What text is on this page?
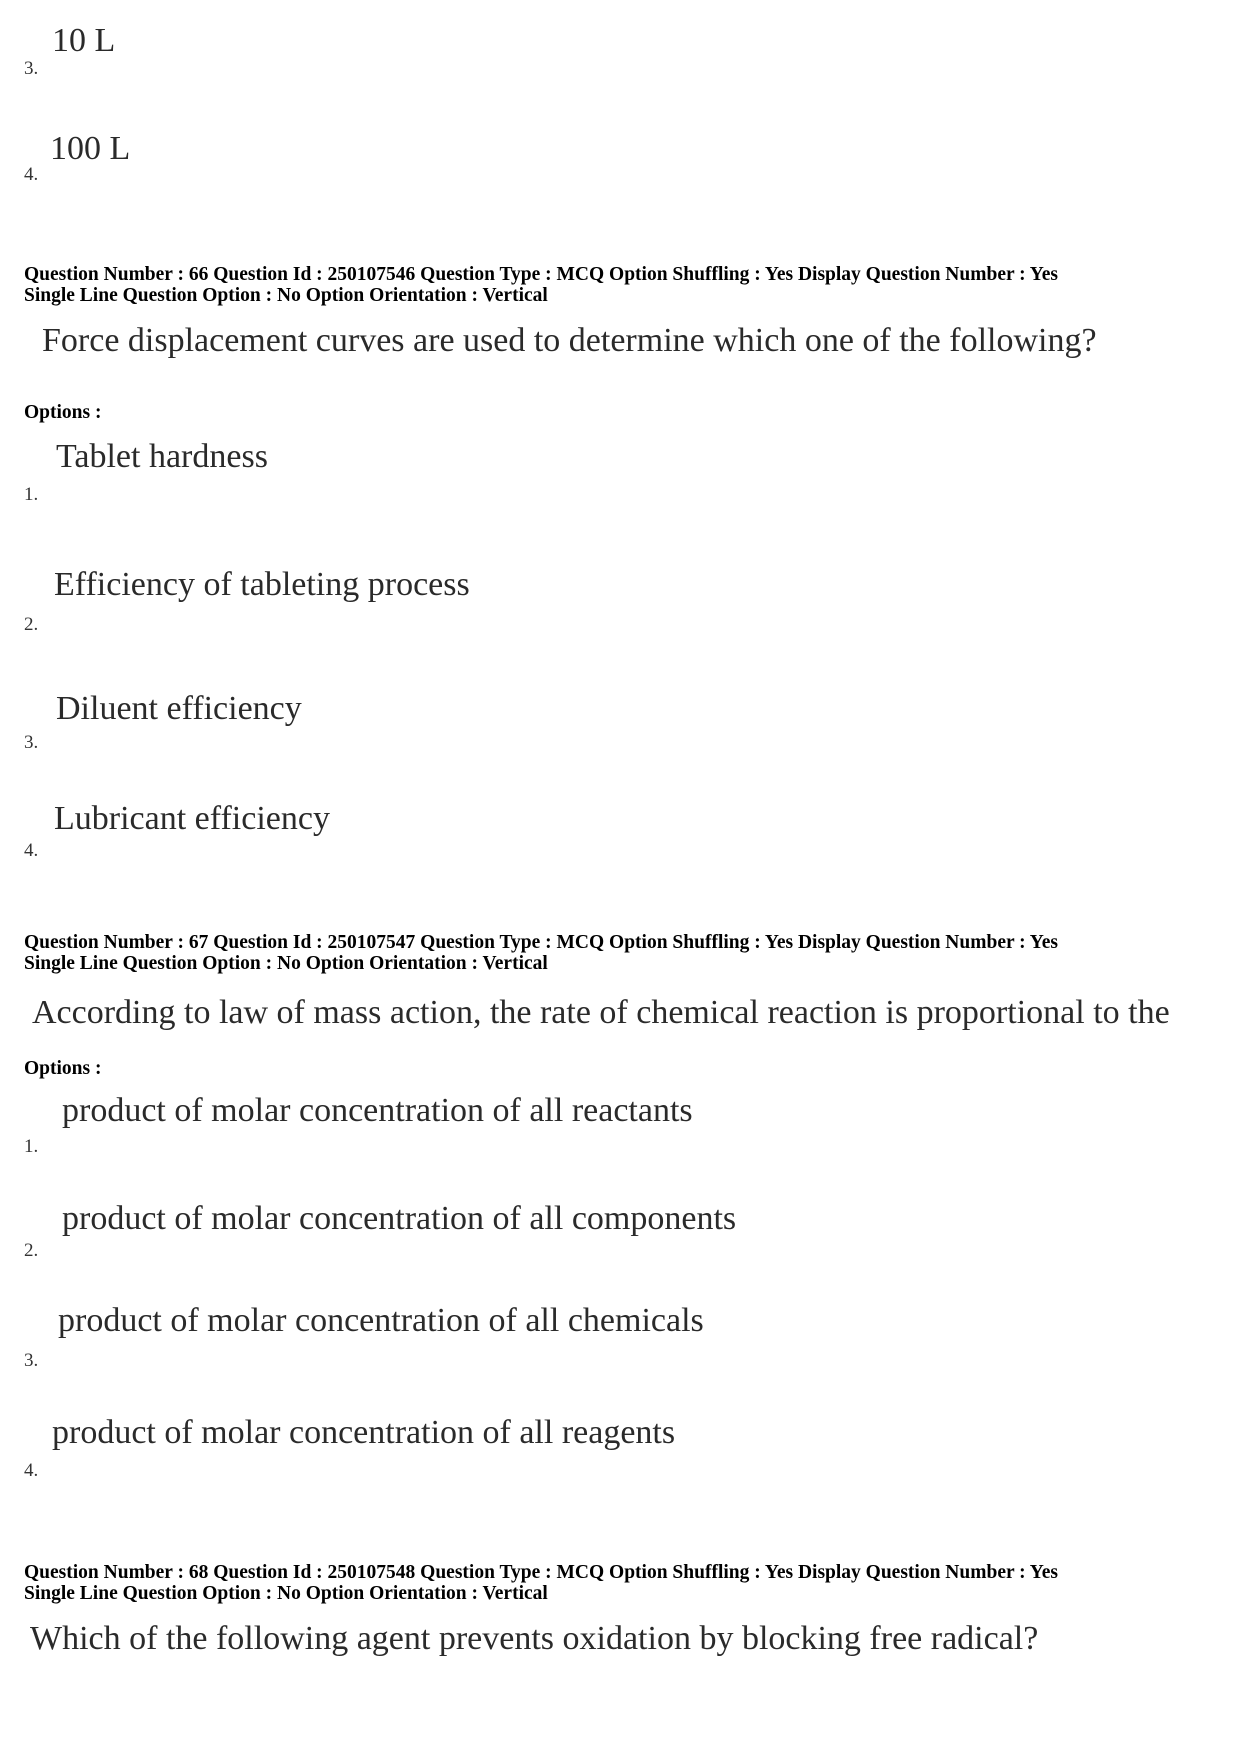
10 L
3.
100 L
4.
Question Number : 66 Question Id : 250107546 Question Type : MCQ Option Shuffling : Yes Display Question Number : Yes
Single Line Question Option : No Option Orientation : Vertical
Force displacement curves are used to determine which one of the following?
Options :
Tablet hardness
1.
Efficiency of tableting process
2.
Diluent efficiency
3.
Lubricant efficiency
4.
Question Number : 67 Question Id : 250107547 Question Type : MCQ Option Shuffling : Yes Display Question Number : Yes
Single Line Question Option : No Option Orientation : Vertical
According to law of mass action, the rate of chemical reaction is proportional to the
Options :
product of molar concentration of all reactants
1.
product of molar concentration of all components
2.
product of molar concentration of all chemicals
3.
product of molar concentration of all reagents
4.
Question Number : 68 Question Id : 250107548 Question Type : MCQ Option Shuffling : Yes Display Question Number : Yes
Single Line Question Option : No Option Orientation : Vertical
Which of the following agent prevents oxidation by blocking free radical?
